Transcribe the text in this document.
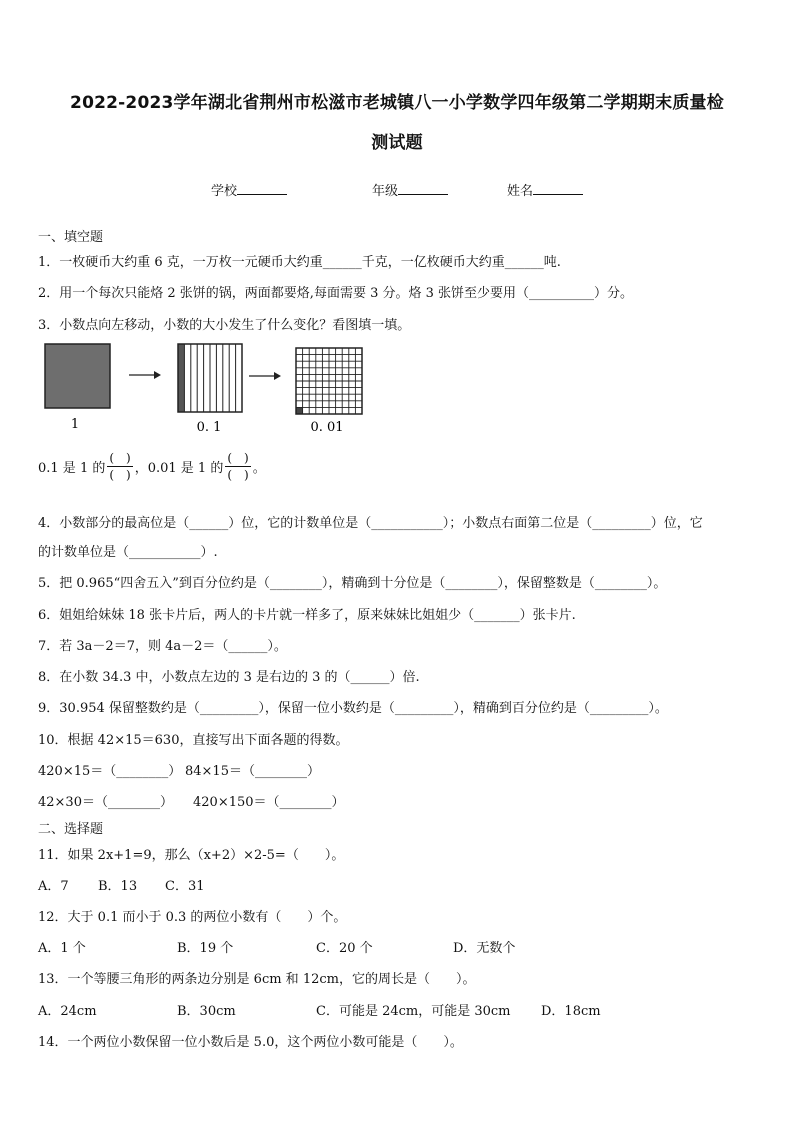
2022-2023学年湖北省荆州市松滋市老城镇八一小学数学四年级第二学期期末质量检
测试题
学校	年级	姓名
一、填空题
1．一枚硬币大约重 6 克，一万枚一元硬币大约重______千克，一亿枚硬币大约重______吨.
2．用一个每次只能烙 2 张饼的锅，两面都要烙,每面需要 3 分。烙 3 张饼至少要用（__________）分。
3．小数点向左移动，小数的大小发生了什么变化？看图填一填。
1	0. 1	0. 01
0.1 是 1 的 $\frac{( )}{( )}$ ，0.01 是 1 的 $\frac{( )}{( )}$ 。
4．小数部分的最高位是（______）位，它的计数单位是（___________）；小数点右面第二位是（_________）位，它
的计数单位是（___________）.
5．把 0.965“四舍五入”到百分位约是（________），精确到十分位是（________），保留整数是（________）。
6．姐姐给妹妹 18 张卡片后，两人的卡片就一样多了，原来妹妹比姐姐少（_______）张卡片.
7．若 3a－2＝7，则 4a－2＝（______）。
8．在小数 34.3 中，小数点左边的 3 是右边的 3 的（______）倍.
9．30.954 保留整数约是（_________），保留一位小数约是（_________），精确到百分位约是（_________）。
10．根据 42×15＝630，直接写出下面各题的得数。
420×15＝（________） 84×15＝（________）
42×30＝（________） 420×150＝（________）
二、选择题
11．如果 2x+1=9，那么（x+2）×2-5=（　　）。
A．7 B．13 C．31
12．大于 0.1 而小于 0.3 的两位小数有（　　）个。
A．1 个	B．19 个	C．20 个	D．无数个
13．一个等腰三角形的两条边分别是 6cm 和 12cm，它的周长是（　　）。
A．24cm	B．30cm	C．可能是 24cm，可能是 30cm D．18cm
14．一个两位小数保留一位小数后是 5.0，这个两位小数可能是（　　）。
